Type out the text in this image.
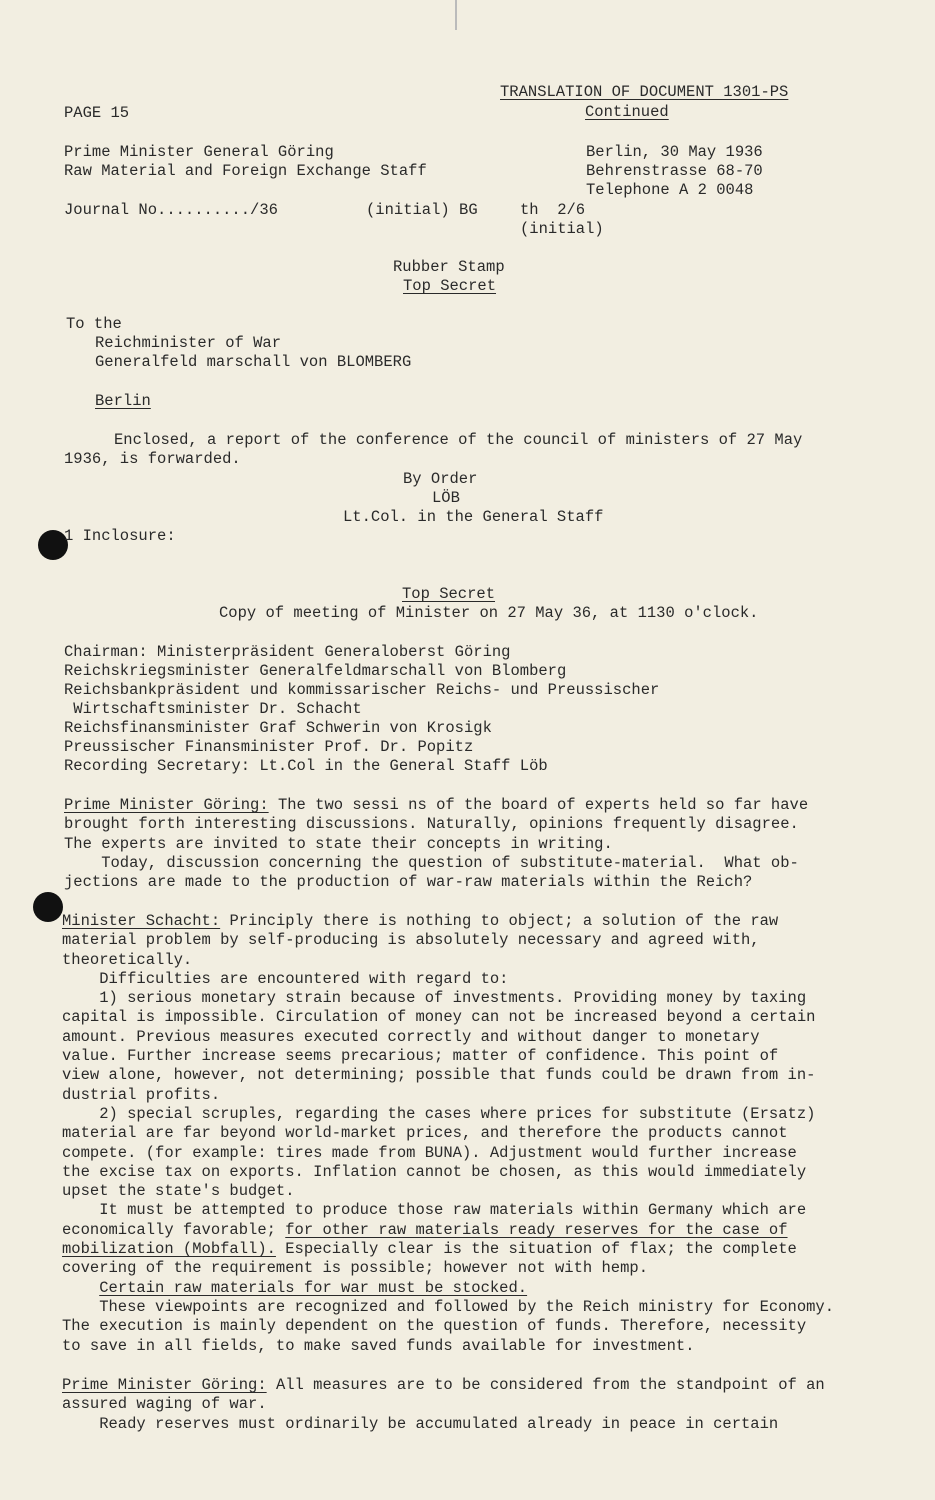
PAGE 15
TRANSLATION OF DOCUMENT 1301-PS
Continued
Prime Minister General Göring
Raw Material and Foreign Exchange Staff
Journal No........../36	(initial) BG	th  2/6
(initial)
Berlin, 30 May 1936
Behrenstrasse 68-70
Telephone A 2 0048
Rubber Stamp
Top Secret
To the
Reichminister of War
Generalfeld marschall von BLOMBERG
Berlin
Enclosed, a report of the conference of the council of ministers of 27 May
1936, is forwarded.
By Order
LÖB
Lt.Col. in the General Staff
1 Inclosure:
Top Secret
Copy of meeting of Minister on 27 May 36, at 1130 o'clock.
Chairman: Ministerpräsident Generaloberst Göring
Reichskriegsminister Generalfeldmarschall von Blomberg
Reichsbankpräsident und kommissarischer Reichs- und Preussischer
Wirtschaftsminister Dr. Schacht
Reichsfinansminister Graf Schwerin von Krosigk
Preussischer Finansminister Prof. Dr. Popitz
Recording Secretary: Lt.Col in the General Staff Löb
Prime Minister Göring: The two sessi ns of the board of experts held so far have
brought forth interesting discussions. Naturally, opinions frequently disagree.
The experts are invited to state their concepts in writing.
Today, discussion concerning the question of substitute-material.  What ob-
jections are made to the production of war-raw materials within the Reich?
Minister Schacht: Principly there is nothing to object; a solution of the raw
material problem by self-producing is absolutely necessary and agreed with,
theoretically.
Difficulties are encountered with regard to:
1) serious monetary strain because of investments. Providing money by taxing
capital is impossible. Circulation of money can not be increased beyond a certain
amount. Previous measures executed correctly and without danger to monetary
value. Further increase seems precarious; matter of confidence. This point of
view alone, however, not determining; possible that funds could be drawn from in-
dustrial profits.
2) special scruples, regarding the cases where prices for substitute (Ersatz)
material are far beyond world-market prices, and therefore the products cannot
compete. (for example: tires made from BUNA). Adjustment would further increase
the excise tax on exports. Inflation cannot be chosen, as this would immediately
upset the state's budget.
It must be attempted to produce those raw materials within Germany which are
economically favorable; for other raw materials ready reserves for the case of
mobilization (Mobfall). Especially clear is the situation of flax; the complete
covering of the requirement is possible; however not with hemp.
Certain raw materials for war must be stocked.
These viewpoints are recognized and followed by the Reich ministry for Economy.
The execution is mainly dependent on the question of funds. Therefore, necessity
to save in all fields, to make saved funds available for investment.
Prime Minister Göring: All measures are to be considered from the standpoint of an
assured waging of war.
Ready reserves must ordinarily be accumulated already in peace in certain
